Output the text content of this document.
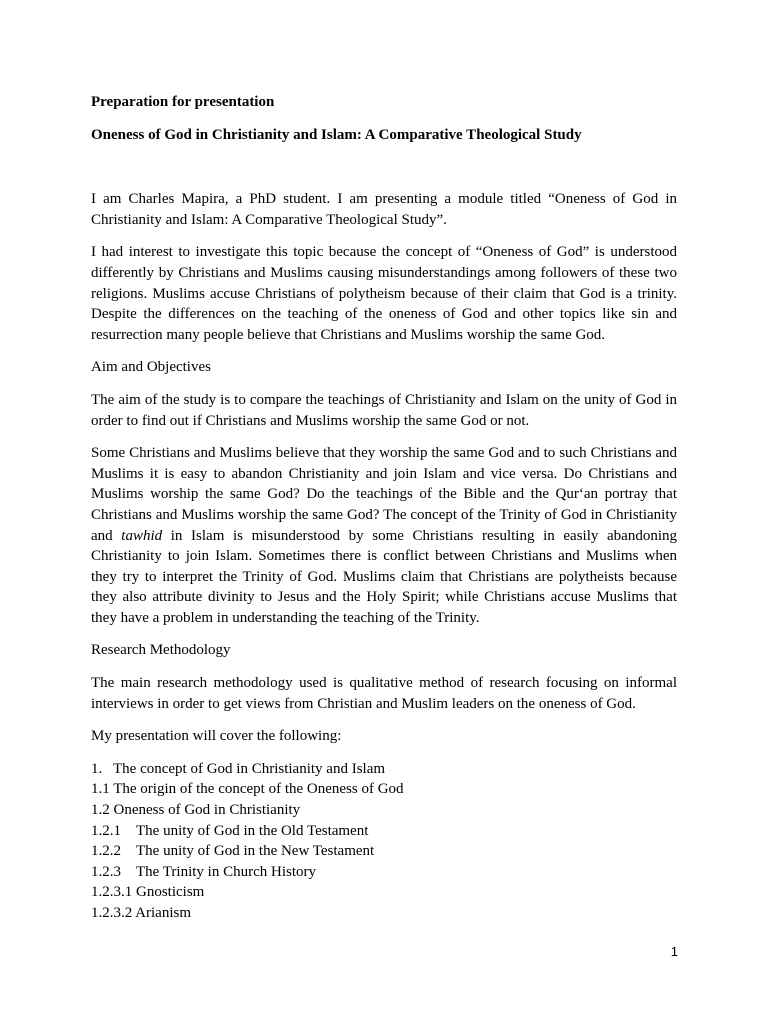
Preparation for presentation
Oneness of God in Christianity and Islam: A Comparative Theological Study

I am Charles Mapira, a PhD student. I am presenting a module titled “Oneness of God in Christianity and Islam: A Comparative Theological Study”.

I had interest to investigate this topic because the concept of “Oneness of God” is understood differently by Christians and Muslims causing misunderstandings among followers of these two religions. Muslims accuse Christians of polytheism because of their claim that God is a trinity. Despite the differences on the teaching of the oneness of God and other topics like sin and resurrection many people believe that Christians and Muslims worship the same God.

Aim and Objectives

The aim of the study is to compare the teachings of Christianity and Islam on the unity of God in order to find out if Christians and Muslims worship the same God or not.

Some Christians and Muslims believe that they worship the same God and to such Christians and Muslims it is easy to abandon Christianity and join Islam and vice versa. Do Christians and Muslims worship the same God? Do the teachings of the Bible and the Qur‘an portray that Christians and Muslims worship the same God? The concept of the Trinity of God in Christianity and tawhid in Islam is misunderstood by some Christians resulting in easily abandoning Christianity to join Islam. Sometimes there is conflict between Christians and Muslims when they try to interpret the Trinity of God. Muslims claim that Christians are polytheists because they also attribute divinity to Jesus and the Holy Spirit; while Christians accuse Muslims that they have a problem in understanding the teaching of the Trinity.

Research Methodology

The main research methodology used is qualitative method of research focusing on informal interviews in order to get views from Christian and Muslim leaders on the oneness of God.

My presentation will cover the following:

1. The concept of God in Christianity and Islam
1.1 The origin of the concept of the Oneness of God
1.2 Oneness of God in Christianity
1.2.1 The unity of God in the Old Testament
1.2.2 The unity of God in the New Testament
1.2.3 The Trinity in Church History
1.2.3.1 Gnosticism
1.2.3.2 Arianism
1
